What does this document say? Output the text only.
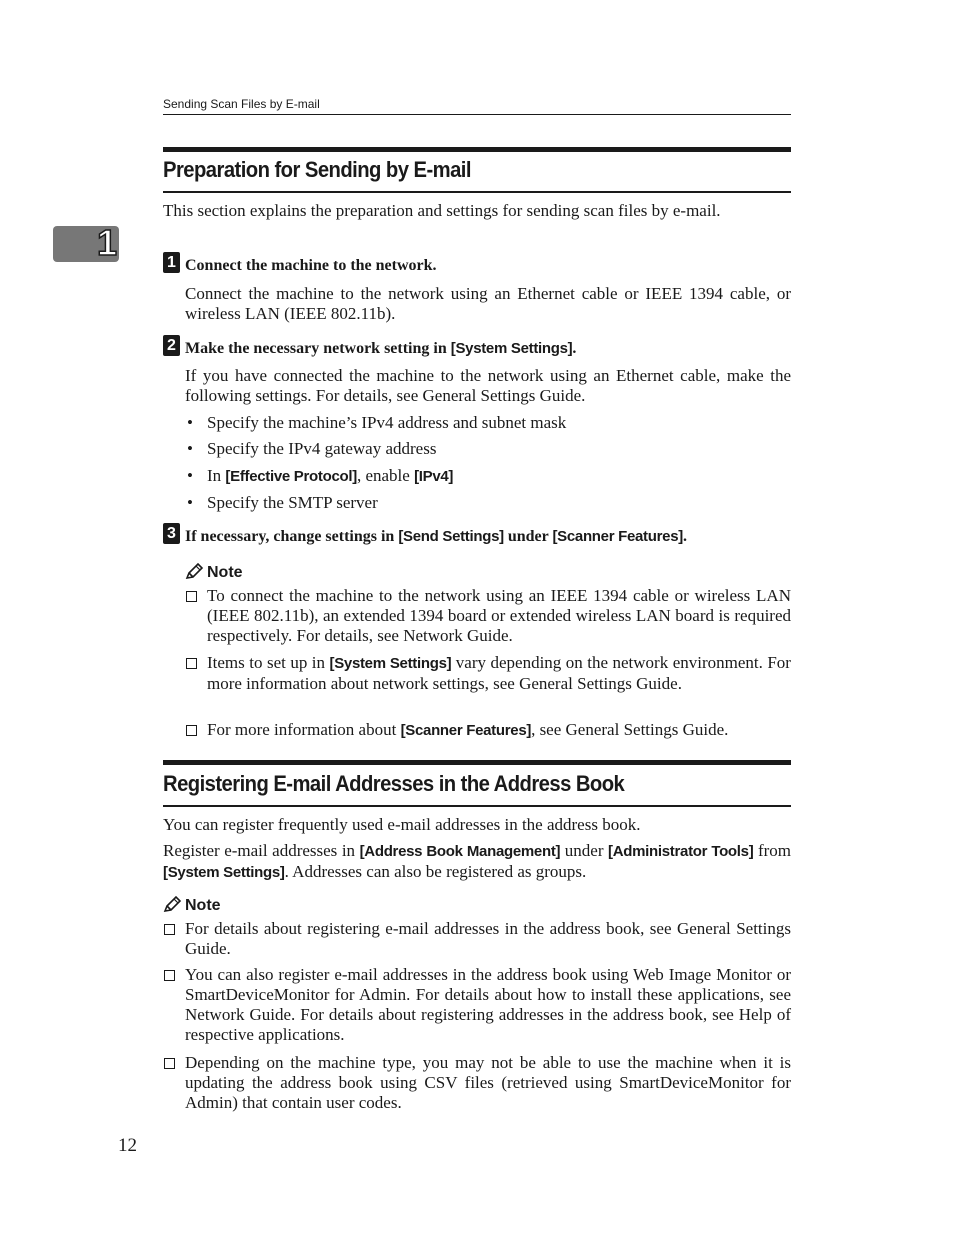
Sending Scan Files by E-mail
1
Preparation for Sending by E-mail

This section explains the preparation and settings for sending scan files by e-mail.

1 Connect the machine to the network.

Connect the machine to the network using an Ethernet cable or IEEE 1394 cable, or wireless LAN (IEEE 802.11b).

2 Make the necessary network setting in [System Settings].

If you have connected the machine to the network using an Ethernet cable, make the following settings. For details, see General Settings Guide.

• Specify the machine’s IPv4 address and subnet mask
• Specify the IPv4 gateway address
• In [Effective Protocol], enable [IPv4]
• Specify the SMTP server
3 If necessary, change settings in [Send Settings] under [Scanner Features].
Note

To connect the machine to the network using an IEEE 1394 cable or wireless LAN (IEEE 802.11b), an extended 1394 board or extended wireless LAN board is required respectively. For details, see Network Guide.

Items to set up in [System Settings] vary depending on the network environment. For more information about network settings, see General Settings Guide.

For more information about [Scanner Features], see General Settings Guide.

Registering E-mail Addresses in the Address Book

You can register frequently used e-mail addresses in the address book.

Register e-mail addresses in [Address Book Management] under [Administrator Tools] from [System Settings]. Addresses can also be registered as groups.

Note

For details about registering e-mail addresses in the address book, see General Settings Guide.

You can also register e-mail addresses in the address book using Web Image Monitor or SmartDeviceMonitor for Admin. For details about how to install these applications, see Network Guide. For details about registering addresses in the address book, see Help of respective applications.

Depending on the machine type, you may not be able to use the machine when it is updating the address book using CSV files (retrieved using SmartDeviceMonitor for Admin) that contain user codes.

12
